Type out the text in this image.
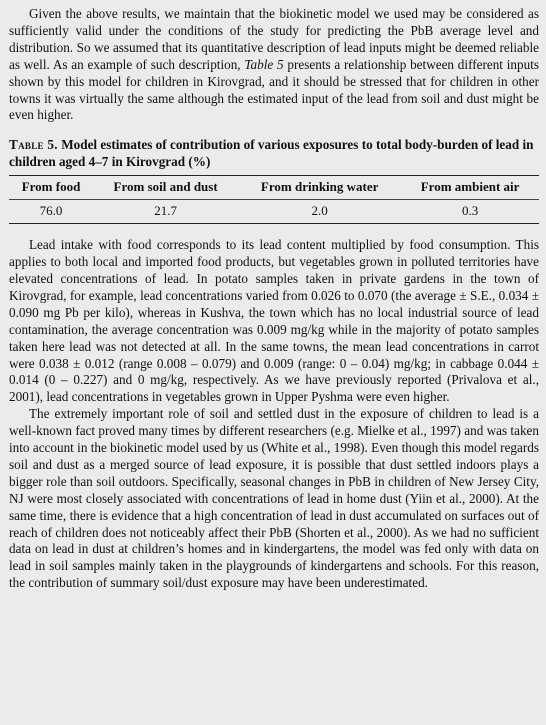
Given the above results, we maintain that the biokinetic model we used may be considered as sufficiently valid under the conditions of the study for predicting the PbB average level and distribution. So we assumed that its quantitative description of lead inputs might be deemed reliable as well. As an example of such description, Table 5 presents a relationship between different inputs shown by this model for children in Kirovgrad, and it should be stressed that for children in other towns it was virtually the same although the estimated input of the lead from soil and dust might be even higher.

Table 5. Model estimates of contribution of various exposures to total body-burden of lead in children aged 4–7 in Kirovgrad (%)

From food	From soil and dust	From drinking water	From ambient air
76.0	21.7	2.0	0.3

Lead intake with food corresponds to its lead content multiplied by food consumption. This applies to both local and imported food products, but vegetables grown in polluted territories have elevated concentrations of lead. In potato samples taken in private gardens in the town of Kirovgrad, for example, lead concentrations varied from 0.026 to 0.070 (the average ± S.E., 0.034 ± 0.090 mg Pb per kilo), whereas in Kushva, the town which has no local industrial source of lead contamination, the average concentration was 0.009 mg/kg while in the majority of potato samples taken here lead was not detected at all. In the same towns, the mean lead concentrations in carrot were 0.038 ± 0.012 (range 0.008 – 0.079) and 0.009 (range: 0 – 0.04) mg/kg; in cabbage 0.044 ± 0.014 (0 – 0.227) and 0 mg/kg, respectively. As we have previously reported (Privalova et al., 2001), lead concentrations in vegetables grown in Upper Pyshma were even higher.

The extremely important role of soil and settled dust in the exposure of children to lead is a well-known fact proved many times by different researchers (e.g. Mielke et al., 1997) and was taken into account in the biokinetic model used by us (White et al., 1998). Even though this model regards soil and dust as a merged source of lead exposure, it is possible that dust settled indoors plays a bigger role than soil outdoors. Specifically, seasonal changes in PbB in children of New Jersey City, NJ were most closely associated with concentrations of lead in home dust (Yiin et al., 2000). At the same time, there is evidence that a high concentration of lead in dust accumulated on surfaces out of reach of children does not noticeably affect their PbB (Shorten et al., 2000). As we had no sufficient data on lead in dust at children’s homes and in kindergartens, the model was fed only with data on lead in soil samples mainly taken in the playgrounds of kindergartens and schools. For this reason, the contribution of summary soil/dust exposure may have been underestimated.
